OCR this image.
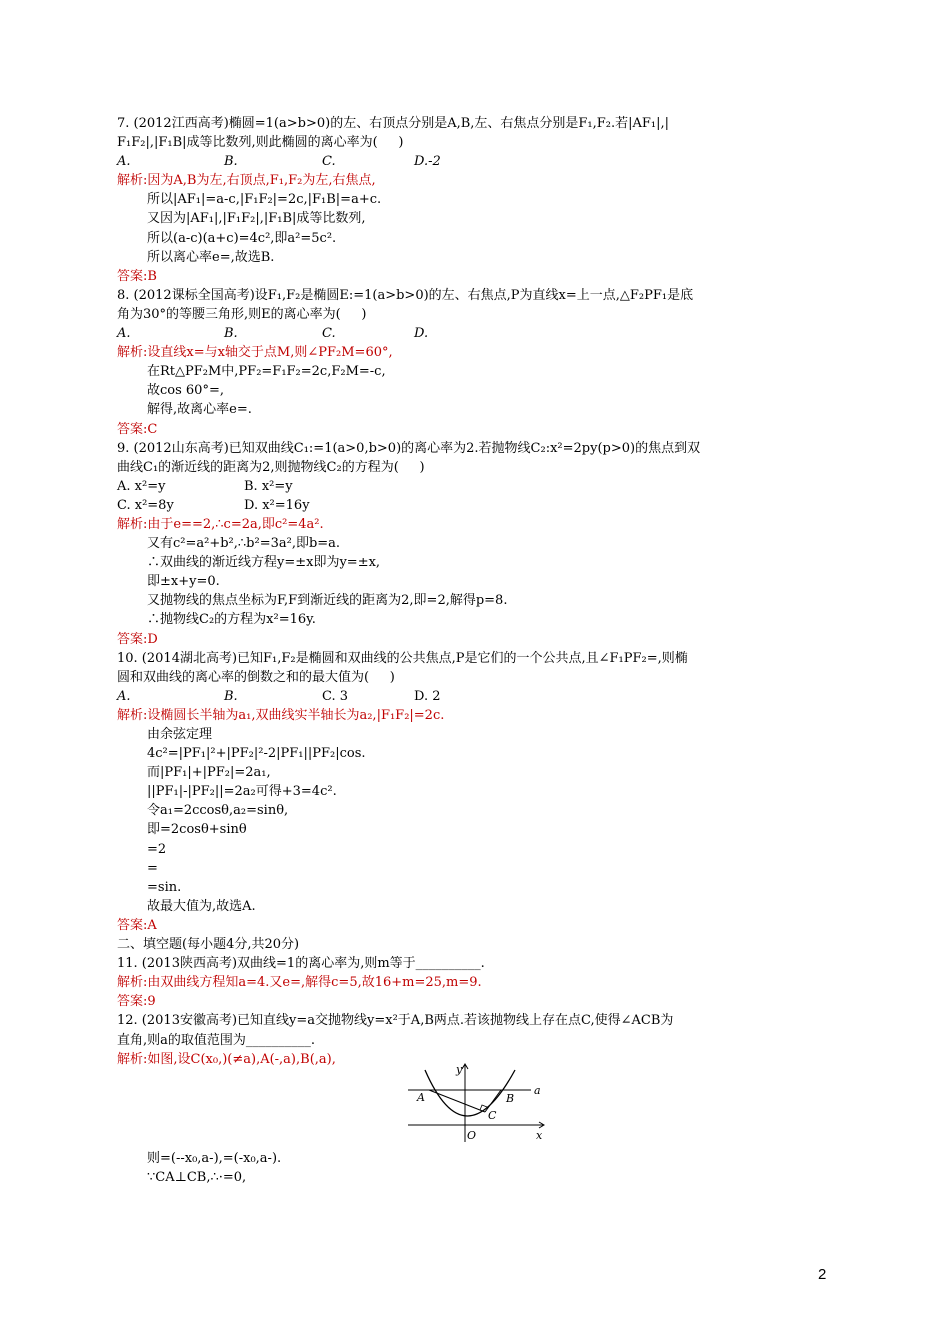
7. (2012江西高考)椭圆=1(a>b>0)的左、右顶点分别是A,B,左、右焦点分别是F₁,F₂.若|AF₁|,|
F₁F₂|,|F₁B|成等比数列,则此椭圆的离心率为(     )
A.	B.	C.	D.-2
解析:因为A,B为左,右顶点,F₁,F₂为左,右焦点,
所以|AF₁|=a-c,|F₁F₂|=2c,|F₁B|=a+c.
又因为|AF₁|,|F₁F₂|,|F₁B|成等比数列,
所以(a-c)(a+c)=4c²,即a²=5c².
所以离心率e=,故选B.
答案:B
8. (2012课标全国高考)设F₁,F₂是椭圆E:=1(a>b>0)的左、右焦点,P为直线x=上一点,△F₂PF₁是底
角为30°的等腰三角形,则E的离心率为(     )
A.	B.	C.	D.
解析:设直线x=与x轴交于点M,则∠PF₂M=60°,
在Rt△PF₂M中,PF₂=F₁F₂=2c,F₂M=-c,
故cos 60°=,
解得,故离心率e=.
答案:C
9. (2012山东高考)已知双曲线C₁:=1(a>0,b>0)的离心率为2.若抛物线C₂:x²=2py(p>0)的焦点到双
曲线C₁的渐近线的距离为2,则抛物线C₂的方程为(     )
A. x²=y	B. x²=y
C. x²=8y	D. x²=16y
解析:由于e==2,∴c=2a,即c²=4a².
又有c²=a²+b²,∴b²=3a²,即b=a.
∴双曲线的渐近线方程y=±x即为y=±x,
即±x+y=0.
又抛物线的焦点坐标为F,F到渐近线的距离为2,即=2,解得p=8.
∴抛物线C₂的方程为x²=16y.
答案:D
10. (2014湖北高考)已知F₁,F₂是椭圆和双曲线的公共焦点,P是它们的一个公共点,且∠F₁PF₂=,则椭
圆和双曲线的离心率的倒数之和的最大值为(     )
A.	B.	C. 3	D. 2
解析:设椭圆长半轴为a₁,双曲线实半轴长为a₂,|F₁F₂|=2c.
由余弦定理
4c²=|PF₁|²+|PF₂|²-2|PF₁||PF₂|cos.
而|PF₁|+|PF₂|=2a₁,
||PF₁|-|PF₂||=2a₂可得+3=4c².
令a₁=2ccosθ,a₂=sinθ,
即=2cosθ+sinθ
=2
=
=sin.
故最大值为,故选A.
答案:A
二、填空题(每小题4分,共20分)
11. (2013陕西高考)双曲线=1的离心率为,则m等于__________.
解析:由双曲线方程知a=4.又e=,解得c=5,故16+m=25,m=9.
答案:9
12. (2013安徽高考)已知直线y=a交抛物线y=x²于A,B两点.若该抛物线上存在点C,使得∠ACB为
直角,则a的取值范围为__________.
解析:如图,设C(x₀,)(≠a),A(-,a),B(,a),
y
x
a
A	B
C
O
则=(--x₀,a-),=(-x₀,a-).
∵CA⊥CB,∴·=0,
2
